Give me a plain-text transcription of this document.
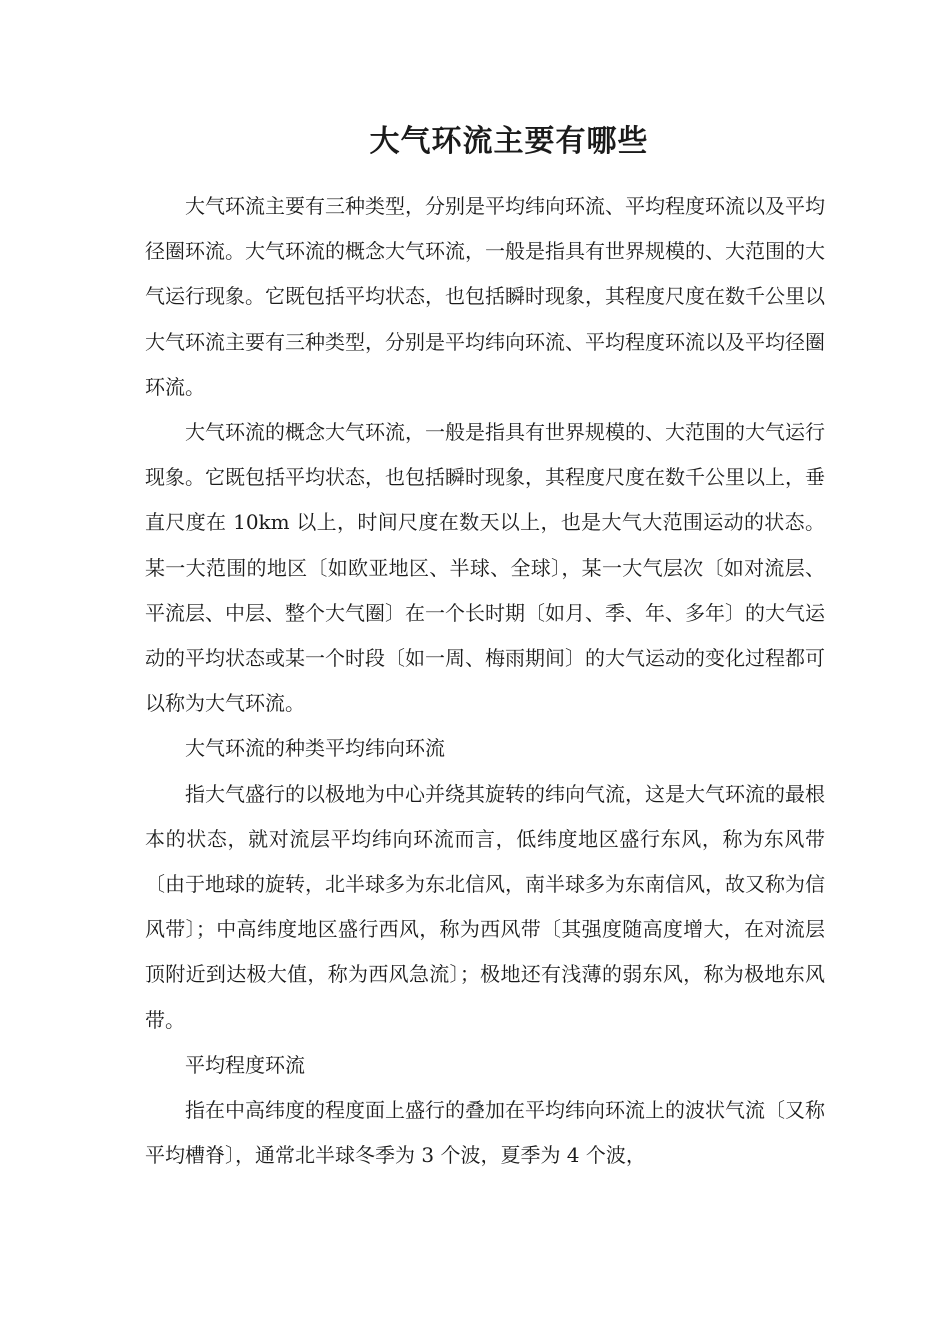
大气环流主要有哪些

大气环流主要有三种类型，分别是平均纬向环流、平均程度环流以及平均径圈环流。大气环流的概念大气环流，一般是指具有世界规模的、大范围的大气运行现象。它既包括平均状态，也包括瞬时现象，其程度尺度在数千公里以大气环流主要有三种类型，分别是平均纬向环流、平均程度环流以及平均径圈环流。

大气环流的概念大气环流，一般是指具有世界规模的、大范围的大气运行现象。它既包括平均状态，也包括瞬时现象，其程度尺度在数千公里以上，垂直尺度在 10km 以上，时间尺度在数天以上，也是大气大范围运动的状态。某一大范围的地区〔如欧亚地区、半球、全球〕，某一大气层次〔如对流层、平流层、中层、整个大气圈〕在一个长时期〔如月、季、年、多年〕的大气运动的平均状态或某一个时段〔如一周、梅雨期间〕的大气运动的变化过程都可以称为大气环流。

大气环流的种类平均纬向环流

指大气盛行的以极地为中心并绕其旋转的纬向气流，这是大气环流的最根本的状态，就对流层平均纬向环流而言，低纬度地区盛行东风，称为东风带〔由于地球的旋转，北半球多为东北信风，南半球多为东南信风，故又称为信风带〕；中高纬度地区盛行西风，称为西风带〔其强度随高度增大，在对流层顶附近到达极大值，称为西风急流〕；极地还有浅薄的弱东风，称为极地东风带。

平均程度环流

指在中高纬度的程度面上盛行的叠加在平均纬向环流上的波状气流〔又称平均槽脊〕，通常北半球冬季为 3 个波，夏季为 4 个波，
